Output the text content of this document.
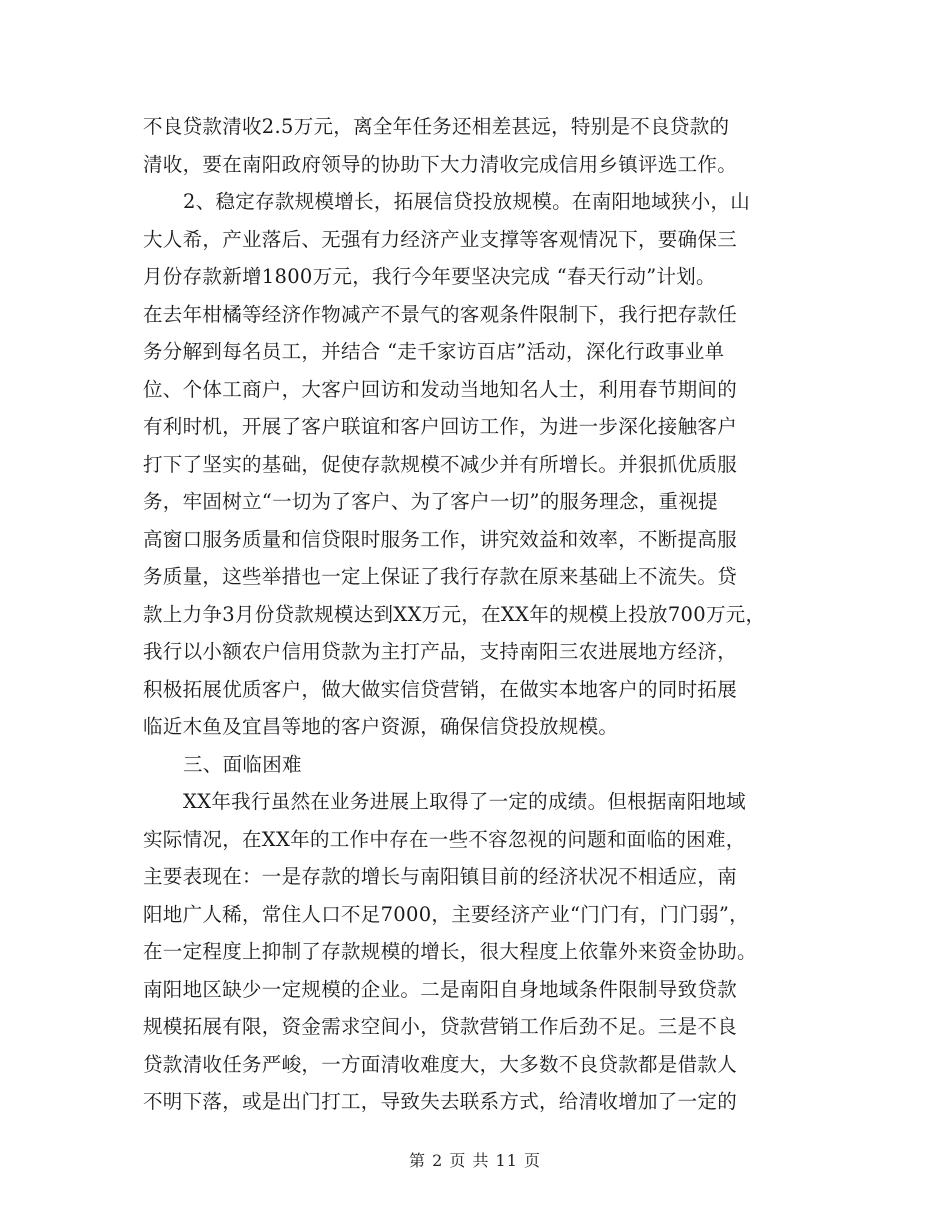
不良贷款清收2.5万元，离全年任务还相差甚远，特别是不良贷款的
清收，要在南阳政府领导的协助下大力清收完成信用乡镇评选工作。
2、稳定存款规模增长，拓展信贷投放规模。在南阳地域狭小，山
大人希，产业落后、无强有力经济产业支撑等客观情况下，要确保三
月份存款新增1800万元，我行今年要坚决完成 “春天行动”计划。
在去年柑橘等经济作物减产不景气的客观条件限制下，我行把存款任
务分解到每名员工，并结合 “走千家访百店”活动，深化行政事业单
位、个体工商户，大客户回访和发动当地知名人士，利用春节期间的
有利时机，开展了客户联谊和客户回访工作，为进一步深化接触客户
打下了坚实的基础，促使存款规模不减少并有所增长。并狠抓优质服
务，牢固树立“一切为了客户、为了客户一切”的服务理念，重视提
高窗口服务质量和信贷限时服务工作，讲究效益和效率，不断提高服
务质量，这些举措也一定上保证了我行存款在原来基础上不流失。贷
款上力争3月份贷款规模达到XX万元，在XX年的规模上投放700万元，
我行以小额农户信用贷款为主打产品，支持南阳三农进展地方经济，
积极拓展优质客户，做大做实信贷营销，在做实本地客户的同时拓展
临近木鱼及宜昌等地的客户资源，确保信贷投放规模。
三、面临困难
XX年我行虽然在业务进展上取得了一定的成绩。但根据南阳地域
实际情况，在XX年的工作中存在一些不容忽视的问题和面临的困难，
主要表现在：一是存款的增长与南阳镇目前的经济状况不相适应，南
阳地广人稀，常住人口不足7000，主要经济产业“门门有，门门弱”，
在一定程度上抑制了存款规模的增长，很大程度上依靠外来资金协助。
南阳地区缺少一定规模的企业。二是南阳自身地域条件限制导致贷款
规模拓展有限，资金需求空间小，贷款营销工作后劲不足。三是不良
贷款清收任务严峻，一方面清收难度大，大多数不良贷款都是借款人
不明下落，或是出门打工，导致失去联系方式，给清收增加了一定的
第 2 页 共 11 页
